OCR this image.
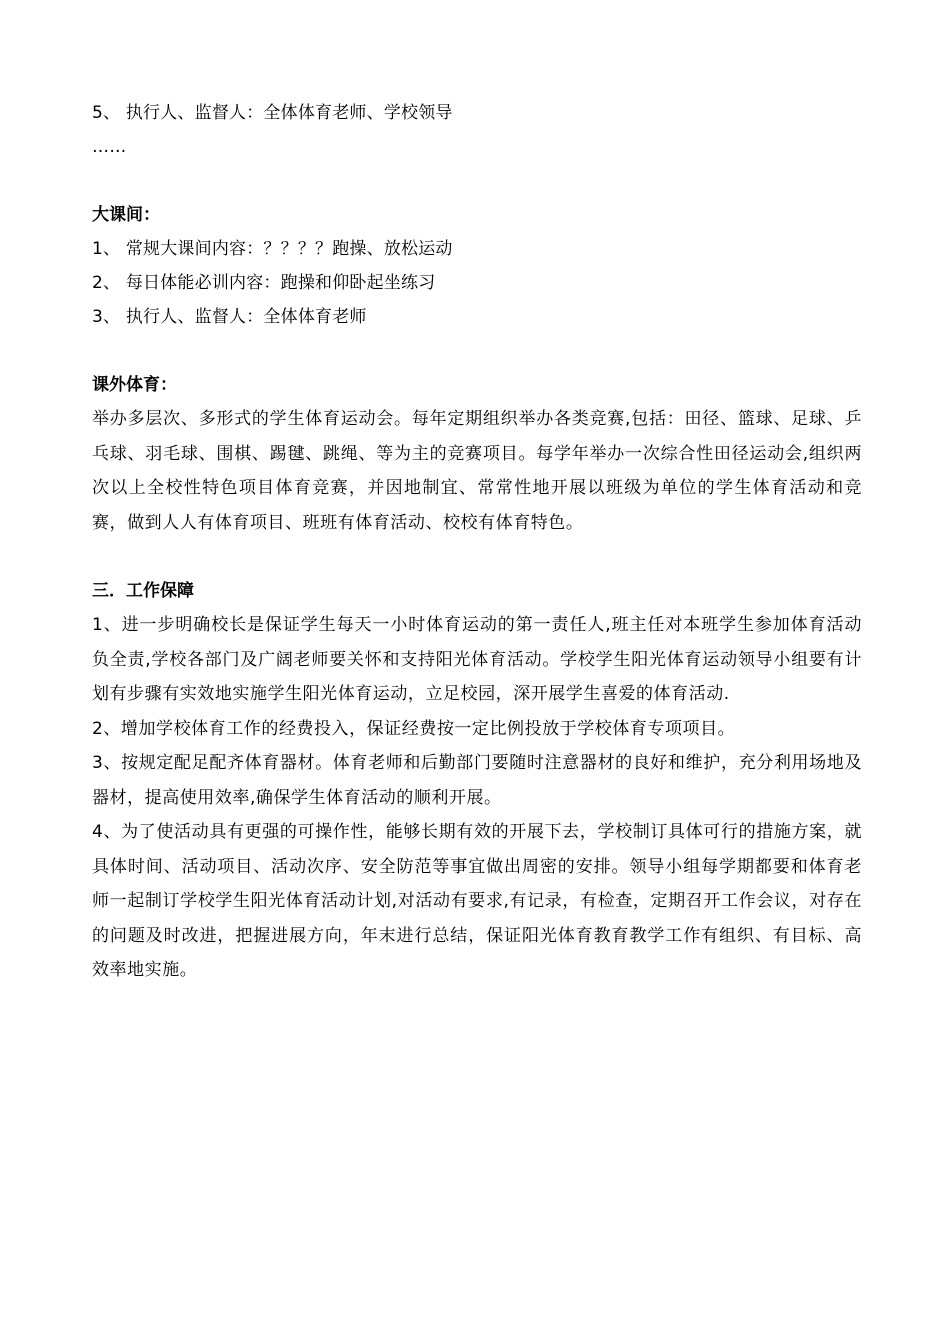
5、 执行人、监督人：全体体育老师、学校领导
……
大课间：
1、 常规大课间内容：？？？？跑操、放松运动
2、 每日体能必训内容：跑操和仰卧起坐练习
3、 执行人、监督人：全体体育老师
课外体育：

举办多层次、多形式的学生体育运动会。每年定期组织举办各类竞赛,包括：田径、篮球、足球、乒乓球、羽毛球、围棋、踢毽、跳绳、等为主的竞赛项目。每学年举办一次综合性田径运动会,组织两次以上全校性特色项目体育竞赛，并因地制宜、常常性地开展以班级为单位的学生体育活动和竞赛，做到人人有体育项目、班班有体育活动、校校有体育特色。

三．工作保障

1、进一步明确校长是保证学生每天一小时体育运动的第一责任人,班主任对本班学生参加体育活动负全责,学校各部门及广阔老师要关怀和支持阳光体育活动。学校学生阳光体育运动领导小组要有计划有步骤有实效地实施学生阳光体育运动，立足校园，深开展学生喜爱的体育活动.

2、增加学校体育工作的经费投入，保证经费按一定比例投放于学校体育专项项目。

3、按规定配足配齐体育器材。体育老师和后勤部门要随时注意器材的良好和维护，充分利用场地及器材，提高使用效率,确保学生体育活动的顺利开展。

4、为了使活动具有更强的可操作性，能够长期有效的开展下去，学校制订具体可行的措施方案，就具体时间、活动项目、活动次序、安全防范等事宜做出周密的安排。领导小组每学期都要和体育老师一起制订学校学生阳光体育活动计划,对活动有要求,有记录，有检查，定期召开工作会议，对存在的问题及时改进，把握进展方向，年末进行总结，保证阳光体育教育教学工作有组织、有目标、高效率地实施。
